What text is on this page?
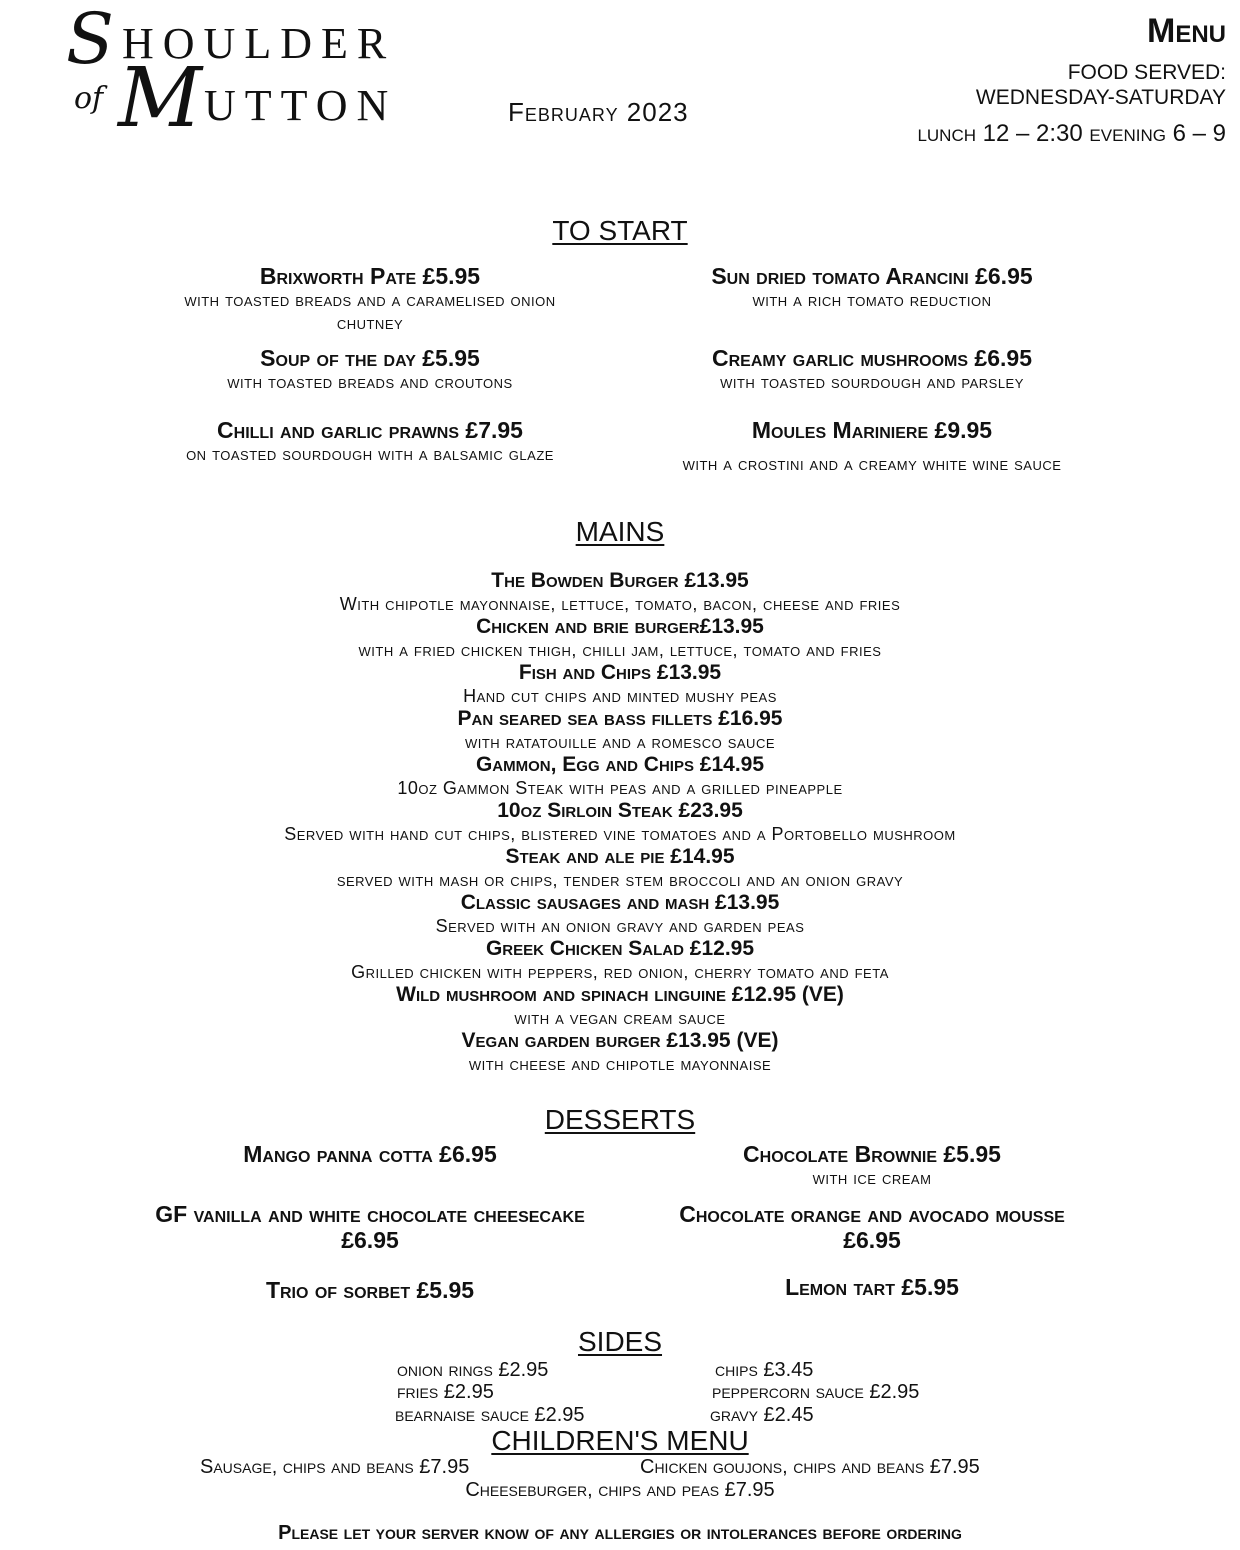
S HOULDER
of M UTTON	February 2023
Menu
FOOD SERVED:
WEDNESDAY-SATURDAY
lunch 12 – 2:30 evening 6 – 9
TO START
Brixworth Pate £5.95
with toasted breads and a caramelised onion chutney
Sun dried tomato Arancini £6.95
with a rich tomato reduction
Soup of the day £5.95
with toasted breads and croutons
Creamy garlic mushrooms £6.95
with toasted sourdough and parsley
Chilli and garlic prawns £7.95
on toasted sourdough with a balsamic glaze
Moules Mariniere £9.95
with a crostini and a creamy white wine sauce
MAINS
The Bowden Burger £13.95
With chipotle mayonnaise, lettuce, tomato, bacon, cheese and fries
Chicken and brie burger£13.95
with a fried chicken thigh, chilli jam, lettuce, tomato and fries
Fish and Chips £13.95
Hand cut chips and minted mushy peas
Pan seared sea bass fillets £16.95
with ratatouille and a romesco sauce
Gammon, Egg and Chips £14.95
10oz Gammon Steak with peas and a grilled pineapple
10oz Sirloin Steak £23.95
Served with hand cut chips, blistered vine tomatoes and a Portobello mushroom
Steak and ale pie £14.95
served with mash or chips, tender stem broccoli and an onion gravy
Classic sausages and mash £13.95
Served with an onion gravy and garden peas
Greek Chicken Salad £12.95
Grilled chicken with peppers, red onion, cherry tomato and feta
Wild mushroom and spinach linguine £12.95 (VE)
with a vegan cream sauce
Vegan garden burger £13.95 (VE)
with cheese and chipotle mayonnaise
DESSERTS
Mango panna cotta £6.95	Chocolate Brownie £5.95
with ice cream
GF vanilla and white chocolate cheesecake £6.95
Chocolate orange and avocado mousse £6.95
Trio of sorbet £5.95	Lemon tart £5.95
SIDES
onion rings £2.95	chips £3.45
fries £2.95	peppercorn sauce £2.95
bearnaise sauce £2.95	gravy £2.45
CHILDREN'S MENU
Sausage, chips and beans £7.95	Chicken goujons, chips and beans £7.95
Cheeseburger, chips and peas £7.95
Please let your server know of any allergies or intolerances before ordering
